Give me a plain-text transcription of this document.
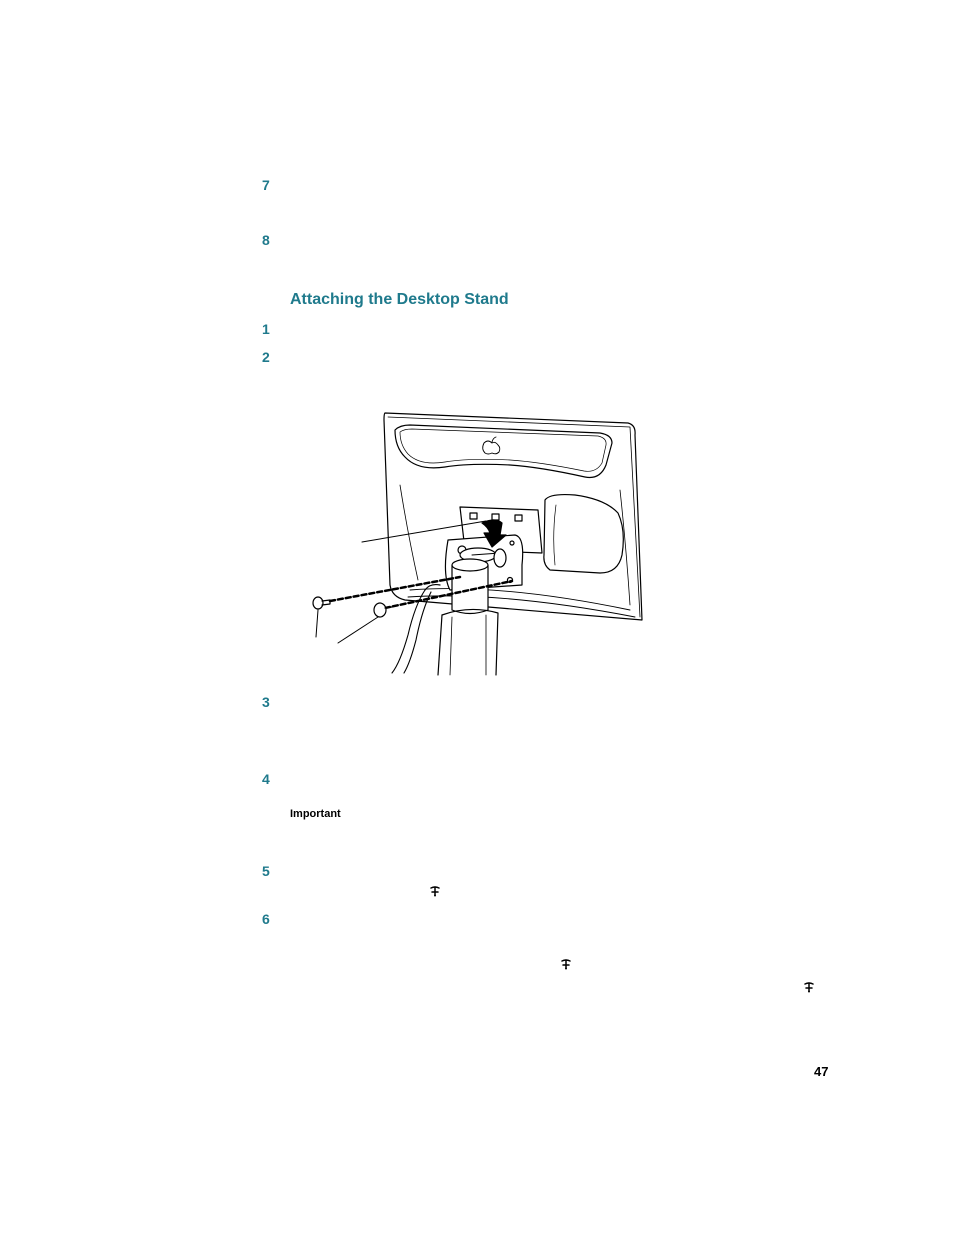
7
8
Attaching the Desktop Stand
1
2
3
4
Important
5
6
47
